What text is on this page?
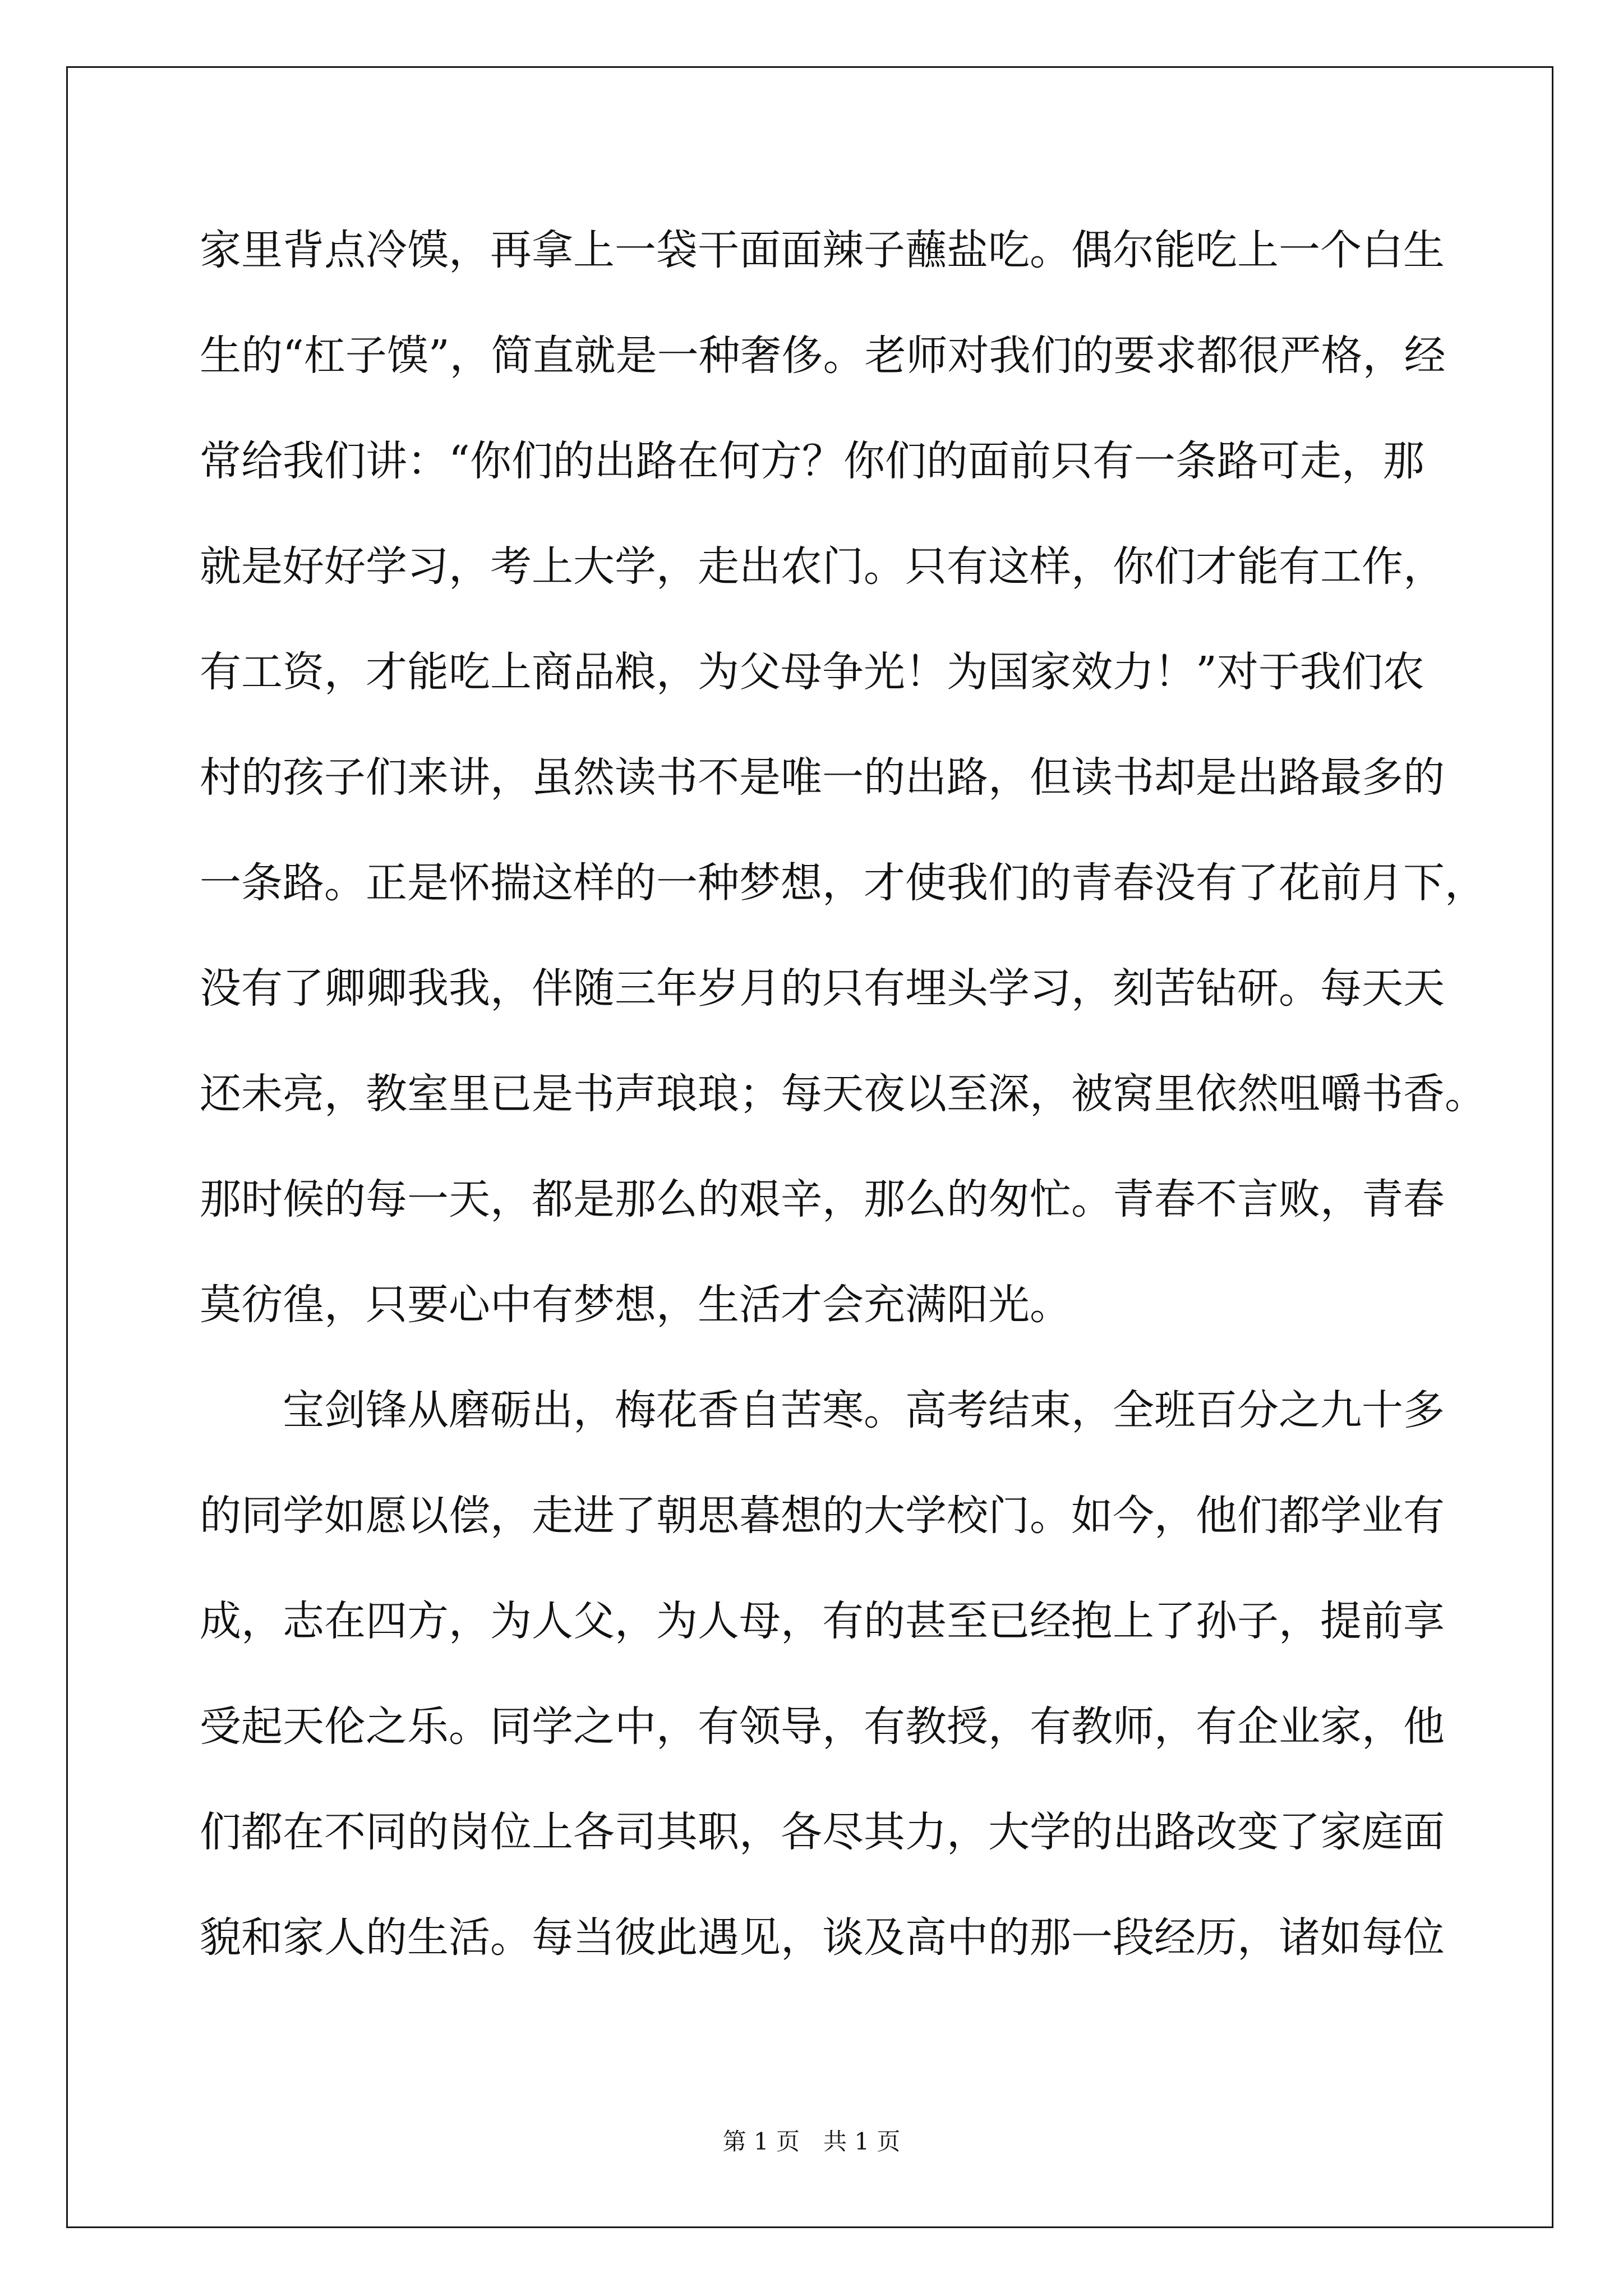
家里背点冷馍，再拿上一袋干面面辣子蘸盐吃。偶尔能吃上一个白生
生的“杠子馍”，简直就是一种奢侈。老师对我们的要求都很严格，经
常给我们讲：“你们的出路在何方？你们的面前只有一条路可走，那
就是好好学习，考上大学，走出农门。只有这样，你们才能有工作，
有工资，才能吃上商品粮，为父母争光！为国家效力！”对于我们农
村的孩子们来讲，虽然读书不是唯一的出路，但读书却是出路最多的
一条路。正是怀揣这样的一种梦想，才使我们的青春没有了花前月下，
没有了卿卿我我，伴随三年岁月的只有埋头学习，刻苦钻研。每天天
还未亮，教室里已是书声琅琅；每天夜以至深，被窝里依然咀嚼书香。
那时候的每一天，都是那么的艰辛，那么的匆忙。青春不言败，青春
莫彷徨，只要心中有梦想，生活才会充满阳光。
　　宝剑锋从磨砺出，梅花香自苦寒。高考结束，全班百分之九十多
的同学如愿以偿，走进了朝思暮想的大学校门。如今，他们都学业有
成，志在四方，为人父，为人母，有的甚至已经抱上了孙子，提前享
受起天伦之乐。同学之中，有领导，有教授，有教师，有企业家，他
们都在不同的岗位上各司其职，各尽其力，大学的出路改变了家庭面
貌和家人的生活。每当彼此遇见，谈及高中的那一段经历，诸如每位
第 1 页　共 1 页
